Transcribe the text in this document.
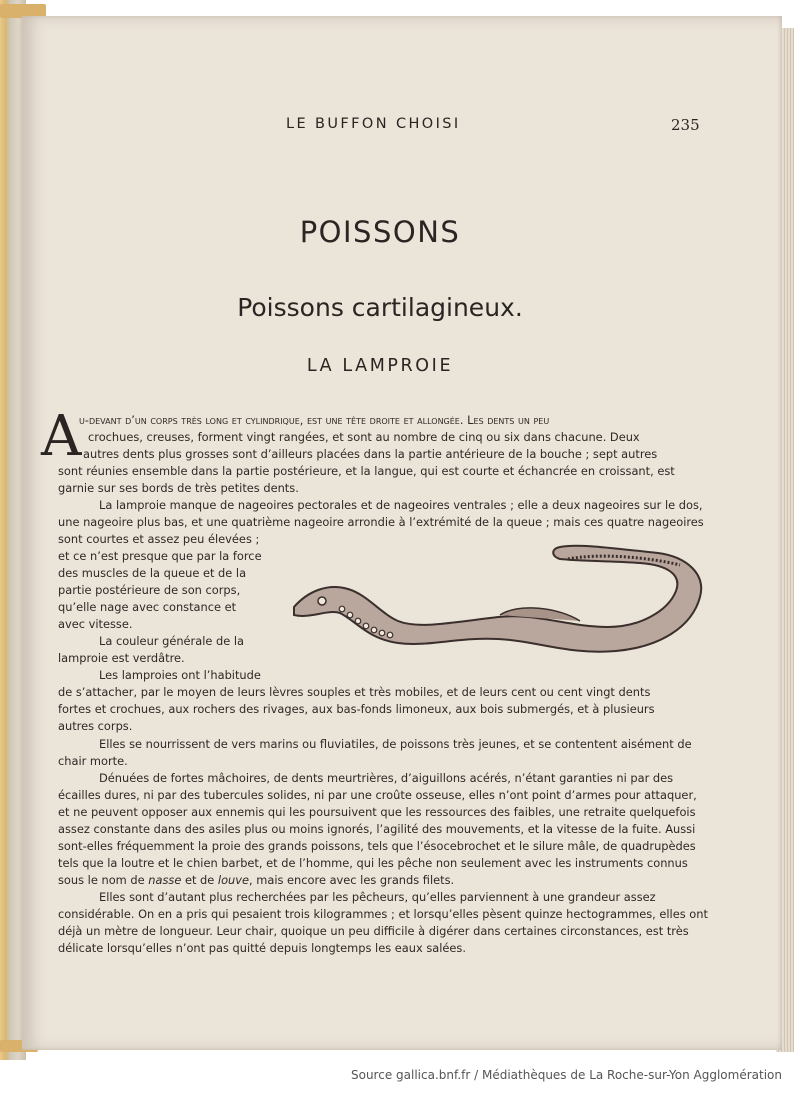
LE BUFFON CHOISI	235
POISSONS
Poissons cartilagineux.
LA LAMPROIE
A
u-devant d’un corps très long et cylindrique, est une tête droite et allongée. Les dents un peu
crochues, creuses, forment vingt rangées, et sont au nombre de cinq ou six dans chacune. Deux
autres dents plus grosses sont d’ailleurs placées dans la partie antérieure de la bouche ; sept autres
sont réunies ensemble dans la partie postérieure, et la langue, qui est courte et échancrée en croissant, est
garnie sur ses bords de très petites dents.
La lamproie manque de nageoires pectorales et de nageoires ventrales ; elle a deux nageoires sur le dos,
une nageoire plus bas, et une quatrième nageoire arrondie à l’extrémité de la queue ; mais ces quatre nageoires
sont courtes et assez peu élevées ;
et ce n’est presque que par la force
des muscles de la queue et de la
partie postérieure de son corps,
qu’elle nage avec constance et
avec vitesse.
La couleur générale de la
lamproie est verdâtre.
Les lamproies ont l’habitude
de s’attacher, par le moyen de leurs lèvres souples et très mobiles, et de leurs cent ou cent vingt dents
fortes et crochues, aux rochers des rivages, aux bas-fonds limoneux, aux bois submergés, et à plusieurs
autres corps.
Elles se nourrissent de vers marins ou fluviatiles, de poissons très jeunes, et se contentent aisément de
chair morte.
Dénuées de fortes mâchoires, de dents meurtrières, d’aiguillons acérés, n’étant garanties ni par des
écailles dures, ni par des tubercules solides, ni par une croûte osseuse, elles n’ont point d’armes pour attaquer,
et ne peuvent opposer aux ennemis qui les poursuivent que les ressources des faibles, une retraite quelquefois
assez constante dans des asiles plus ou moins ignorés, l’agilité des mouvements, et la vitesse de la fuite. Aussi
sont-elles fréquemment la proie des grands poissons, tels que l’ésocebrochet et le silure mâle, de quadrupèdes
tels que la loutre et le chien barbet, et de l’homme, qui les pêche non seulement avec les instruments connus
sous le nom de nasse et de louve, mais encore avec les grands filets.
Elles sont d’autant plus recherchées par les pêcheurs, qu’elles parviennent à une grandeur assez
considérable. On en a pris qui pesaient trois kilogrammes ; et lorsqu’elles pèsent quinze hectogrammes, elles ont
déjà un mètre de longueur. Leur chair, quoique un peu difficile à digérer dans certaines circonstances, est très
délicate lorsqu’elles n’ont pas quitté depuis longtemps les eaux salées.
Source gallica.bnf.fr / Médiathèques de La Roche-sur-Yon Agglomération
